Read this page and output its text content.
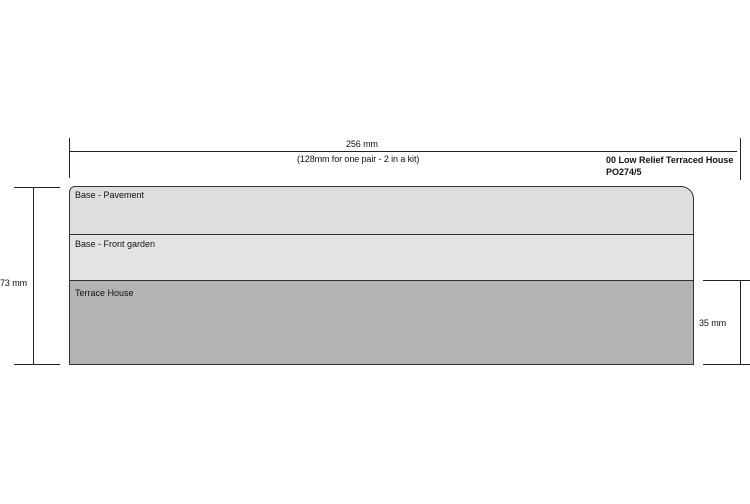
256 mm
(128mm for one pair - 2 in a kit)	00 Low Relief Terraced House
PO274/5
73 mm
35 mm
Base - Pavement
Base - Front garden
Terrace House
